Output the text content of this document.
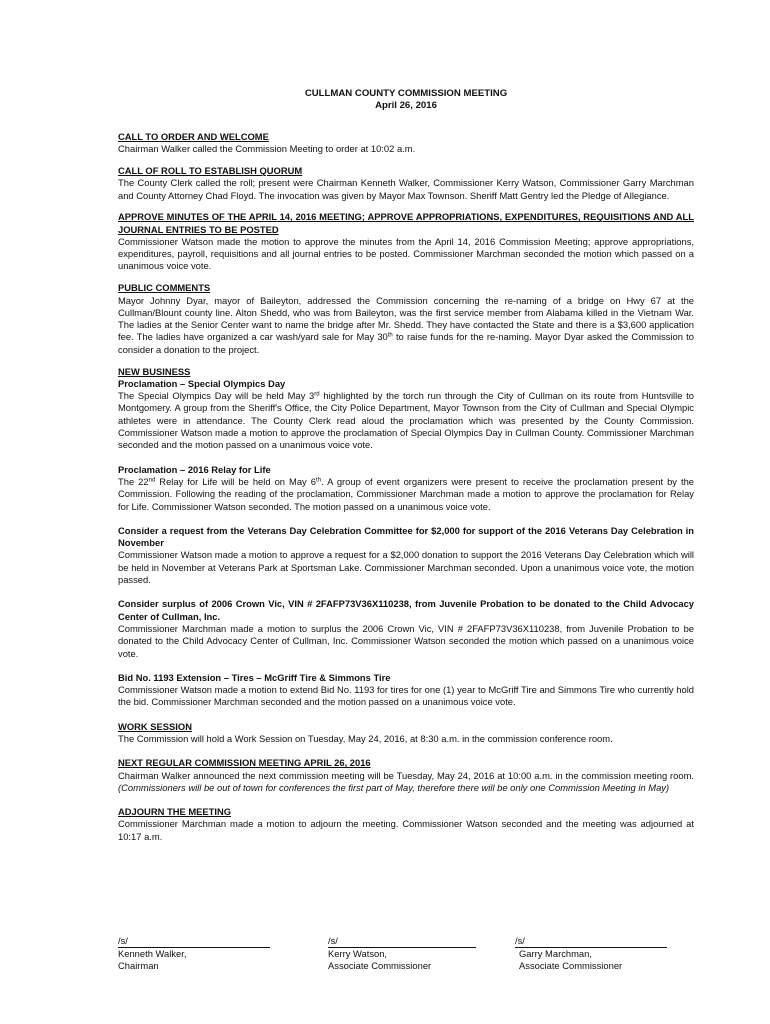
CULLMAN COUNTY COMMISSION MEETING
April 26, 2016
CALL TO ORDER AND WELCOME

Chairman Walker called the Commission Meeting to order at 10:02 a.m.

CALL OF ROLL TO ESTABLISH QUORUM

The County Clerk called the roll; present were Chairman Kenneth Walker, Commissioner Kerry Watson, Commissioner Garry Marchman and County Attorney Chad Floyd. The invocation was given by Mayor Max Townson. Sheriff Matt Gentry led the Pledge of Allegiance.

APPROVE MINUTES OF THE APRIL 14, 2016 MEETING; APPROVE APPROPRIATIONS, EXPENDITURES, REQUISITIONS AND ALL JOURNAL ENTRIES TO BE POSTED

Commissioner Watson made the motion to approve the minutes from the April 14, 2016 Commission Meeting; approve appropriations, expenditures, payroll, requisitions and all journal entries to be posted. Commissioner Marchman seconded the motion which passed on a unanimous voice vote.

PUBLIC COMMENTS

Mayor Johnny Dyar, mayor of Baileyton, addressed the Commission concerning the re-naming of a bridge on Hwy 67 at the Cullman/Blount county line. Alton Shedd, who was from Baileyton, was the first service member from Alabama killed in the Vietnam War. The ladies at the Senior Center want to name the bridge after Mr. Shedd. They have contacted the State and there is a $3,600 application fee. The ladies have organized a car wash/yard sale for May 30th to raise funds for the re-naming. Mayor Dyar asked the Commission to consider a donation to the project.

NEW BUSINESS
Proclamation – Special Olympics Day

The Special Olympics Day will be held May 3rd highlighted by the torch run through the City of Cullman on its route from Huntsville to Montgomery. A group from the Sheriff's Office, the City Police Department, Mayor Townson from the City of Cullman and Special Olympic athletes were in attendance. The County Clerk read aloud the proclamation which was presented by the County Commission. Commissioner Watson made a motion to approve the proclamation of Special Olympics Day in Cullman County. Commissioner Marchman seconded and the motion passed on a unanimous voice vote.

Proclamation – 2016 Relay for Life

The 22nd Relay for Life will be held on May 6th. A group of event organizers were present to receive the proclamation present by the Commission. Following the reading of the proclamation, Commissioner Marchman made a motion to approve the proclamation for Relay for Life. Commissioner Watson seconded. The motion passed on a unanimous voice vote.

Consider a request from the Veterans Day Celebration Committee for $2,000 for support of the 2016 Veterans Day Celebration in November

Commissioner Watson made a motion to approve a request for a $2,000 donation to support the 2016 Veterans Day Celebration which will be held in November at Veterans Park at Sportsman Lake. Commissioner Marchman seconded. Upon a unanimous voice vote, the motion passed.

Consider surplus of 2006 Crown Vic, VIN # 2FAFP73V36X110238, from Juvenile Probation to be donated to the Child Advocacy Center of Cullman, Inc.

Commissioner Marchman made a motion to surplus the 2006 Crown Vic, VIN # 2FAFP73V36X110238, from Juvenile Probation to be donated to the Child Advocacy Center of Cullman, Inc. Commissioner Watson seconded the motion which passed on a unanimous voice vote.

Bid No. 1193 Extension – Tires – McGriff Tire & Simmons Tire

Commissioner Watson made a motion to extend Bid No. 1193 for tires for one (1) year to McGriff Tire and Simmons Tire who currently hold the bid. Commissioner Marchman seconded and the motion passed on a unanimous voice vote.

WORK SESSION

The Commission will hold a Work Session on Tuesday, May 24, 2016, at 8:30 a.m. in the commission conference room.

NEXT REGULAR COMMISSION MEETING APRIL 26, 2016

Chairman Walker announced the next commission meeting will be Tuesday, May 24, 2016 at 10:00 a.m. in the commission meeting room. (Commissioners will be out of town for conferences the first part of May, therefore there will be only one Commission Meeting in May)

ADJOURN THE MEETING

Commissioner Marchman made a motion to adjourn the meeting. Commissioner Watson seconded and the meeting was adjourned at 10:17 a.m.

/s/
Kenneth Walker,
Chairman
/s/
Kerry Watson,
Associate Commissioner
/s/
Garry Marchman,
Associate Commissioner
